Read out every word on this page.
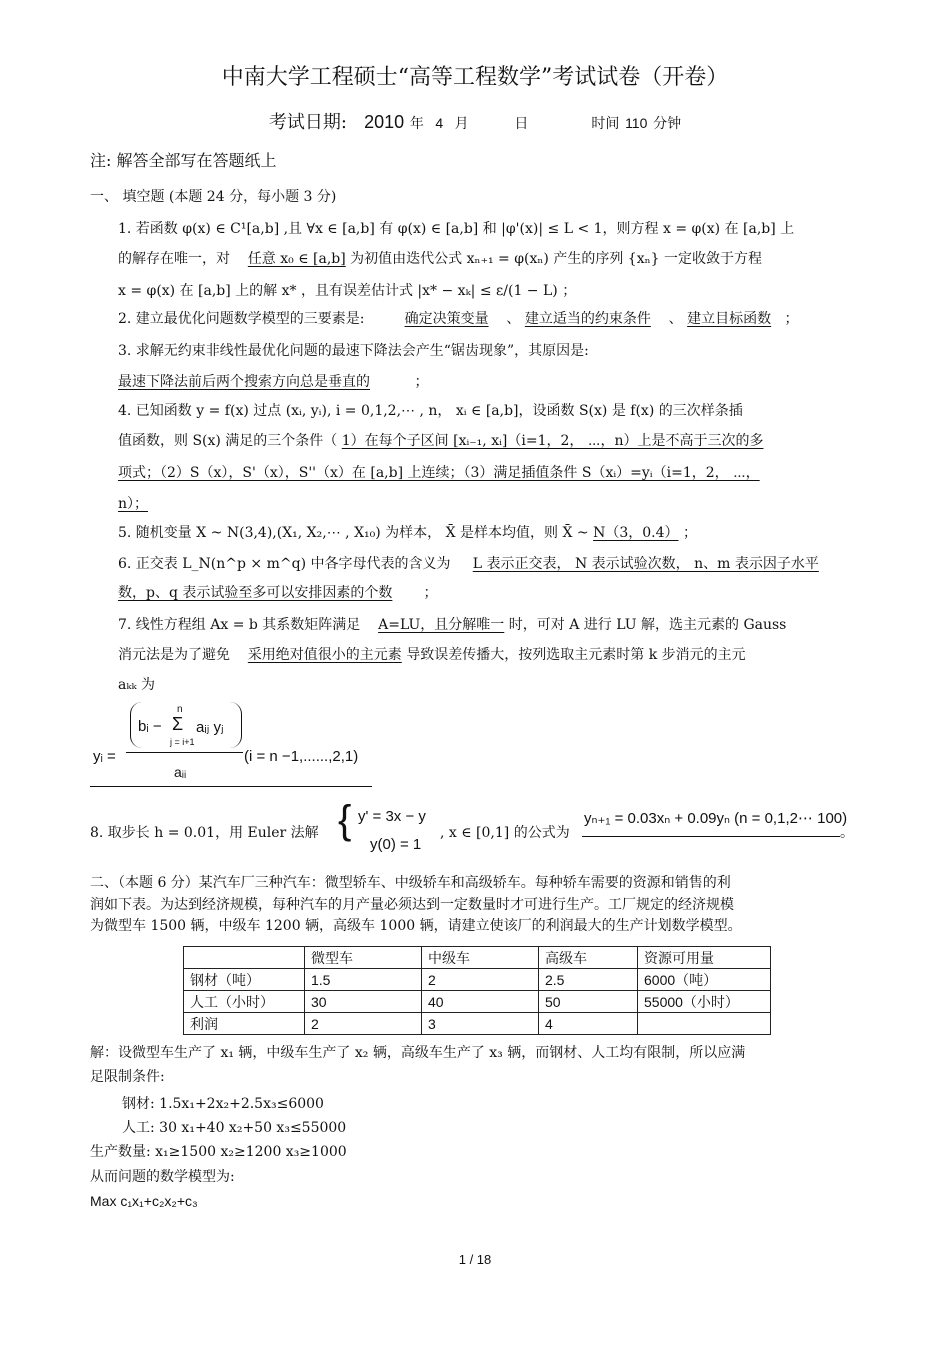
中南大学工程硕士“高等工程数学”考试试卷（开卷）
考试日期: 2010 年 4 月	日	时间 110 分钟
注: 解答全部写在答题纸上
一、 填空题 (本题 24 分，每小题 3 分)
1. 若函数 φ(x) ∈ C¹[a,b] ,且 ∀x ∈ [a,b] 有 φ(x) ∈ [a,b] 和 |φ'(x)| ≤ L < 1，则方程 x = φ(x) 在 [a,b] 上
的解存在唯一，对 任意 x₀ ∈ [a,b] 为初值由迭代公式 xₙ₊₁ = φ(xₙ) 产生的序列 {xₙ} 一定收敛于方程
x = φ(x) 在 [a,b] 上的解 x* ，且有误差估计式 |x* − xₖ| ≤ ε/(1 − L) ；
2. 建立最优化问题数学模型的三要素是:	确定决策变量 、 建立适当的约束条件 、 建立目标函数 ；
3. 求解无约束非线性最优化问题的最速下降法会产生“锯齿现象”，其原因是:
最速下降法前后两个搜索方向总是垂直的	；
4. 已知函数 y = f(x) 过点 (xᵢ, yᵢ), i = 0,1,2,⋯ , n， xᵢ ∈ [a,b]，设函数 S(x) 是 f(x) 的三次样条插
值函数，则 S(x) 满足的三个条件（ 1）在每个子区间 [xᵢ₋₁, xᵢ]（i=1，2， ⋯，n）上是不高于三次的多
项式；（2）S（x），S'（x），S''（x）在 [a,b] 上连续；（3）满足插值条件 S（xᵢ）=yᵢ（i=1，2， ⋯，
n）；
5. 随机变量 X ~ N(3,4),(X₁, X₂,⋯ , X₁₀) 为样本， X̄ 是样本均值，则 X̄ ~ N（3，0.4） ；
6. 正交表 L_N(n^p × m^q) 中各字母代表的含义为 L 表示正交表， N 表示试验次数， n、m 表示因子水平
数，p、q 表示试验至多可以安排因素的个数 ；
7. 线性方程组 Ax = b 其系数矩阵满足 A=LU，且分解唯一 时，可对 A 进行 LU 解，选主元素的 Gauss
消元法是为了避免 采用绝对值很小的主元素 导致误差传播大，按列选取主元素时第 k 步消元的主元
aₖₖ 为
yᵢ =
bᵢ −
n
Σ
j = i+1
aᵢⱼ yⱼ
aᵢᵢ
(i = n −1,......,2,1)
8. 取步长 h = 0.01，用 Euler 法解 { y' = 3x − y
y(0) = 1
, x ∈ [0,1] 的公式为
yₙ₊₁ = 0.03xₙ + 0.09yₙ (n = 0,1,2⋯ 100)
。
二、（本题 6 分）某汽车厂三种汽车：微型轿车、中级轿车和高级轿车。每种轿车需要的资源和销售的利
润如下表。为达到经济规模，每种汽车的月产量必须达到一定数量时才可进行生产。工厂规定的经济规模
为微型车 1500 辆，中级车 1200 辆，高级车 1000 辆，请建立使该厂的利润最大的生产计划数学模型。
	微型车	中级车	高级车	资源可用量
钢材（吨）	1.5	2	2.5	6000（吨）
人工（小时）	30	40	50	55000（小时）
利润	2	3	4	
解：设微型车生产了 x₁ 辆，中级车生产了 x₂ 辆，高级车生产了 x₃ 辆，而钢材、人工均有限制，所以应满
足限制条件:
钢材: 1.5x₁+2x₂+2.5x₃≤6000
人工: 30 x₁+40 x₂+50 x₃≤55000
生产数量: x₁≥1500 x₂≥1200 x₃≥1000
从而问题的数学模型为:
Max c₁x₁+c₂x₂+c₃
1 / 18
